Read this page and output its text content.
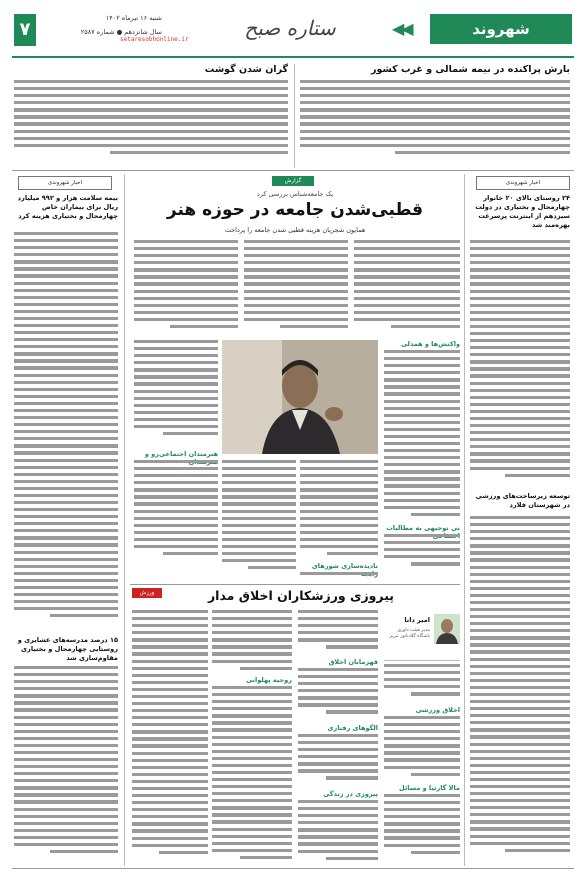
شهروند
◀◀
ستاره صبح
۷
شنبه ۱۶ تیرماه ۱۴۰۲
سال شانزدهم ● شماره ۲۵۸۷
setaresobhonline.ir
بارش پراکنده در نیمه شمالی و غرب کشور
گران شدن گوشت
اخبار شهروندی
۲۴ روستای بالای ۲۰ خانوار چهارمحال و بختیاری در دولت سیزدهم از اینترنت پرسرعت بهره‌مند شد
توسعه زیرساخت‌های ورزشی در شهرستان فلارد
اخبار شهروندی
بیمه سلامت هزار و ۹۹۲ میلیارد ریال برای بیماران خاص چهارمحال و بختیاری هزینه کرد
۱۵ درصد مدرسه‌های عشایری و روستایی چهارمحال و بختیاری مقاوم‌سازی شد
گزارش
یک جامعه‌شناس بررسی کرد
قطبی‌شدن جامعه در حوزه هنر
همایون شجریان هزینه قطبی شدن جامعه را پرداخت
واکنش‌ها و همدلی
نی توجیهی به مطالبات
نادیده‌سازی شورهای
هنرمندان اجتماعی‌رو و
ورزش	پیروزی ورزشکاران اخلاق مدار
امیر دانا
مدیر هیئت داوری باشگاه گلادیاتور تبریز
اخلاق ورزشی
مالا گارثیا و مسائل
قهرمانان اخلاق
الگوهای رفتاری
پیروزی در زندگی
روحیه پهلوانی
